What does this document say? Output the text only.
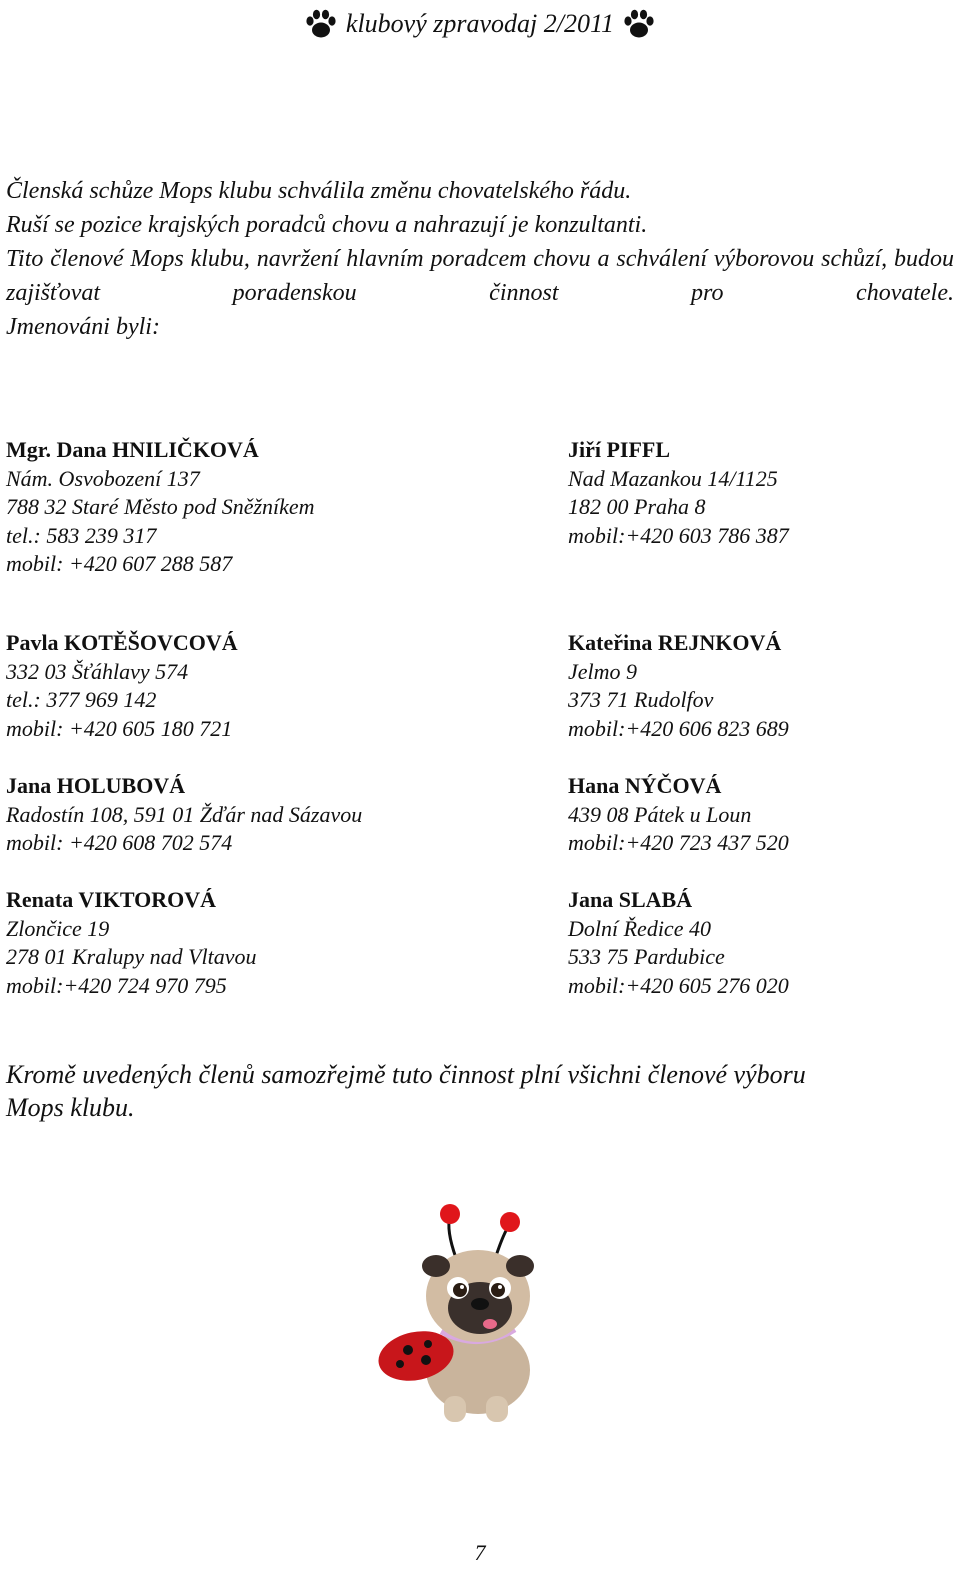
klubový zpravodaj 2/2011

Členská schůze Mops klubu schválila změnu chovatelského řádu.

Ruší se pozice krajských poradců chovu a nahrazují je konzultanti.

Tito členové Mops klubu, navržení hlavním poradcem chovu a schválení výborovou schůzí, budou zajišťovat poradenskou činnost pro chovatele.

Jmenováni byli:

Mgr. Dana HNILIČKOVÁ
Nám. Osvobození 137
788 32 Staré Město pod Sněžníkem
tel.: 583 239 317
mobil: +420 607 288 587
Jiří PIFFL
Nad Mazankou 14/1125
182 00 Praha 8
mobil:+420 603 786 387
Pavla KOTĚŠOVCOVÁ
332 03 Šťáhlavy 574
tel.: 377 969 142
mobil: +420 605 180 721
Kateřina REJNKOVÁ
Jelmo 9
373 71 Rudolfov
mobil:+420 606 823 689
Jana HOLUBOVÁ
Radostín 108, 591 01 Žďár nad Sázavou
mobil: +420 608 702 574
Hana NÝČOVÁ
439 08 Pátek u Loun
mobil:+420 723 437 520
Renata VIKTOROVÁ
Zlončice 19
278 01 Kralupy nad Vltavou
mobil:+420 724 970 795
Jana SLABÁ
Dolní Ředice 40
533 75 Pardubice
mobil:+420 605 276 020

Kromě uvedených členů samozřejmě tuto činnost plní všichni členové výboru

Mops klubu.

7
